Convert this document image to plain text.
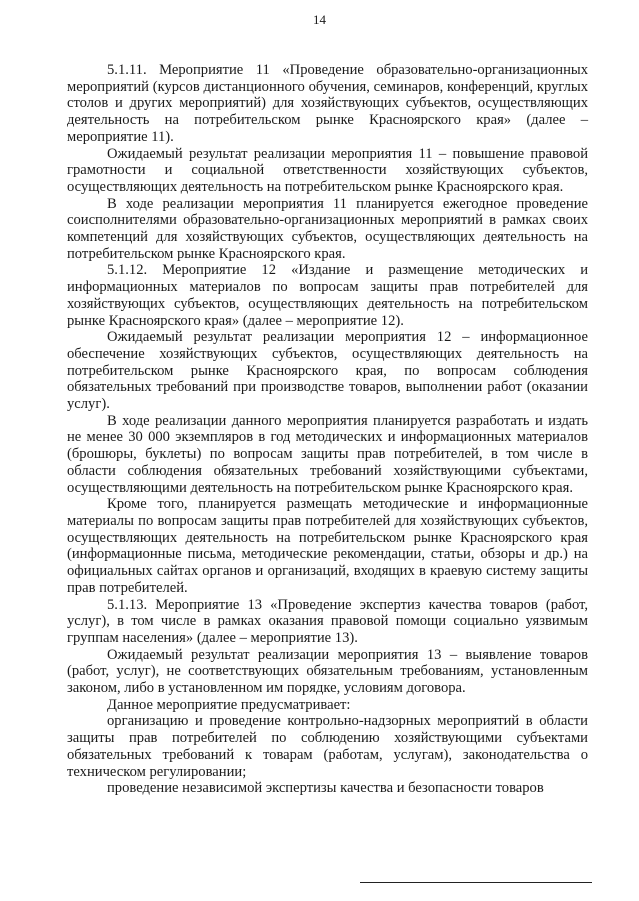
14

5.1.11. Мероприятие 11 «Проведение образовательно-организационных мероприятий (курсов дистанционного обучения, семинаров, конференций, круглых столов и других мероприятий) для хозяйствующих субъектов, осуществляющих деятельность на потребительском рынке Красноярского края» (далее – мероприятие 11).

Ожидаемый результат реализации мероприятия 11 – повышение правовой грамотности и социальной ответственности хозяйствующих субъектов, осуществляющих деятельность на потребительском рынке Красноярского края.

В ходе реализации мероприятия 11 планируется ежегодное проведение соисполнителями образовательно-организационных мероприятий в рамках своих компетенций для хозяйствующих субъектов, осуществляющих деятельность на потребительском рынке Красноярского края.

5.1.12. Мероприятие 12 «Издание и размещение методических и информационных материалов по вопросам защиты прав потребителей для хозяйствующих субъектов, осуществляющих деятельность на потребительском рынке Красноярского края» (далее – мероприятие 12).

Ожидаемый результат реализации мероприятия 12 – информационное обеспечение хозяйствующих субъектов, осуществляющих деятельность на потребительском рынке Красноярского края, по вопросам соблюдения обязательных требований при производстве товаров, выполнении работ (оказании услуг).

В ходе реализации данного мероприятия планируется разработать и издать не менее 30 000 экземпляров в год методических и информационных материалов (брошюры, буклеты) по вопросам защиты прав потребителей, в том числе в области соблюдения обязательных требований хозяйствующими субъектами, осуществляющими деятельность на потребительском рынке Красноярского края.

Кроме того, планируется размещать методические и информационные материалы по вопросам защиты прав потребителей для хозяйствующих субъектов, осуществляющих деятельность на потребительском рынке Красноярского края (информационные письма, методические рекомендации, статьи, обзоры и др.) на официальных сайтах органов и организаций, входящих в краевую систему защиты прав потребителей.

5.1.13. Мероприятие 13 «Проведение экспертиз качества товаров (работ, услуг), в том числе в рамках оказания правовой помощи социально уязвимым группам населения» (далее – мероприятие 13).

Ожидаемый результат реализации мероприятия 13 – выявление товаров (работ, услуг), не соответствующих обязательным требованиям, установленным законом, либо в установленном им порядке, условиям договора.

Данное мероприятие предусматривает:

организацию и проведение контрольно-надзорных мероприятий в области защиты прав потребителей по соблюдению хозяйствующими субъектами обязательных требований к товарам (работам, услугам), законодательства о техническом регулировании;

проведение независимой экспертизы качества и безопасности товаров
